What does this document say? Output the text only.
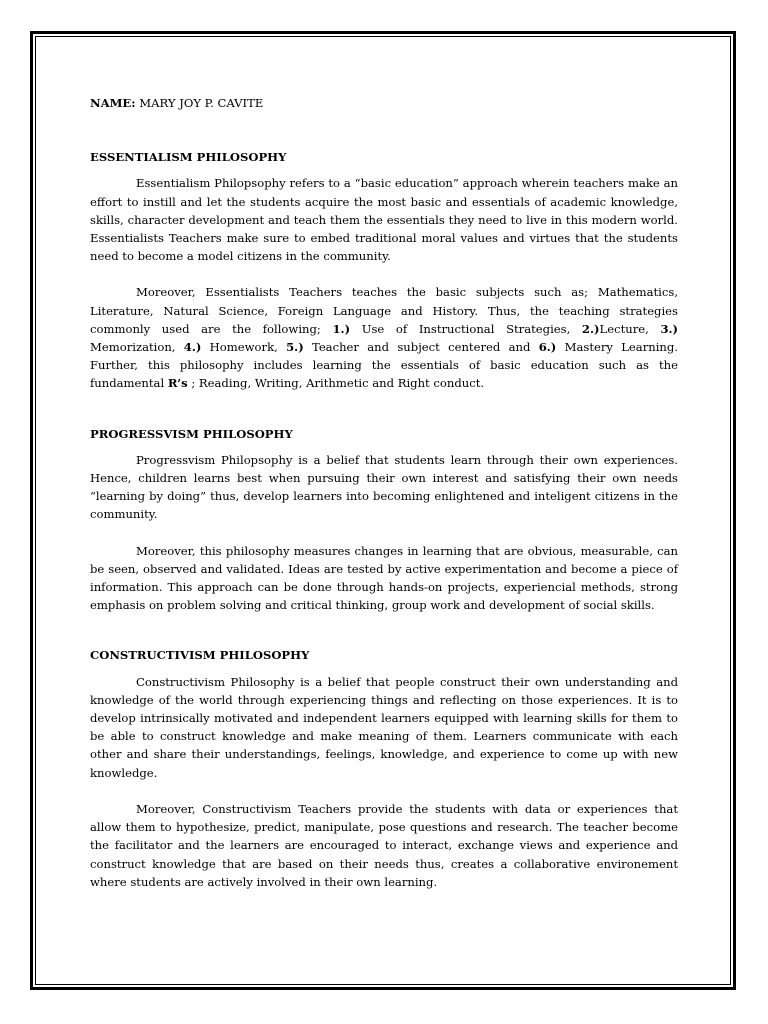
NAME: MARY JOY P. CAVITE

ESSENTIALISM PHILOSOPHY

Essentialism Philopsophy refers to a “basic education” approach wherein teachers make an effort to instill and let the students acquire the most basic and essentials of academic knowledge, skills, character development and teach them the essentials they need to live in this modern world. Essentialists Teachers make sure to embed traditional moral values and virtues that the students need to become a model citizens in the community.

Moreover, Essentialists Teachers teaches the basic subjects such as; Mathematics, Literature, Natural Science, Foreign Language and History. Thus, the teaching strategies commonly used are the following; 1.) Use of Instructional Strategies, 2.)Lecture, 3.) Memorization, 4.) Homework, 5.) Teacher and subject centered and 6.) Mastery Learning. Further, this philosophy includes learning the essentials of basic education such as the fundamental R’s ; Reading, Writing, Arithmetic and Right conduct.

PROGRESSVISM PHILOSOPHY

Progressvism Philopsophy is a belief that students learn through their own experiences. Hence, children learns best when pursuing their own interest and satisfying their own needs “learning by doing” thus, develop learners into becoming enlightened and inteligent citizens in the community.

Moreover, this philosophy measures changes in learning that are obvious, measurable, can be seen, observed and validated. Ideas are tested by active experimentation and become a piece of information. This approach can be done through hands-on projects, experiencial methods, strong emphasis on problem solving and critical thinking, group work and development of social skills.

CONSTRUCTIVISM PHILOSOPHY

Constructivism Philosophy is a belief that people construct their own understanding and knowledge of the world through experiencing things and reflecting on those experiences. It is to develop intrinsically motivated and independent learners equipped with learning skills for them to be able to construct knowledge and make meaning of them. Learners communicate with each other and share their understandings, feelings, knowledge, and experience to come up with new knowledge.

Moreover, Constructivism Teachers provide the students with data or experiences that allow them to hypothesize, predict, manipulate, pose questions and research. The teacher become the facilitator and the learners are encouraged to interact, exchange views and experience and construct knowledge that are based on their needs thus, creates a collaborative environement where students are actively involved in their own learning.
